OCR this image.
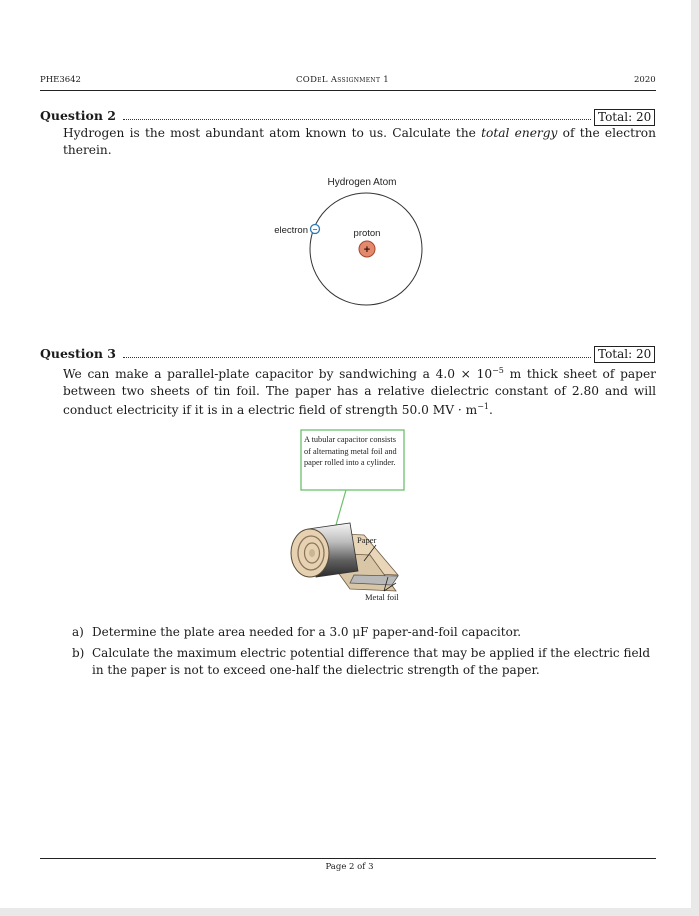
PHE3642	CODeL Assignment 1	2020
Question 2	Total: 20
Hydrogen is the most abundant atom known to us. Calculate the total energy of the electron therein.
Hydrogen Atom
electron −	proton
+
Question 3	Total: 20
We can make a parallel-plate capacitor by sandwiching a $4.0 \times 10^{-5}$ m thick sheet of paper between two sheets of tin foil. The paper has a relative dielectric constant of 2.80 and will conduct electricity if it is in a electric field of strength 50.0 MV · $m^{-1}$.
A tubular capacitor consists of alternating metal foil and paper rolled into a cylinder.
Paper
Metal foil
a) Determine the plate area needed for a 3.0 μF paper-and-foil capacitor.
b) Calculate the maximum electric potential difference that may be applied if the electric field in the paper is not to exceed one-half the dielectric strength of the paper.
Page 2 of 3
